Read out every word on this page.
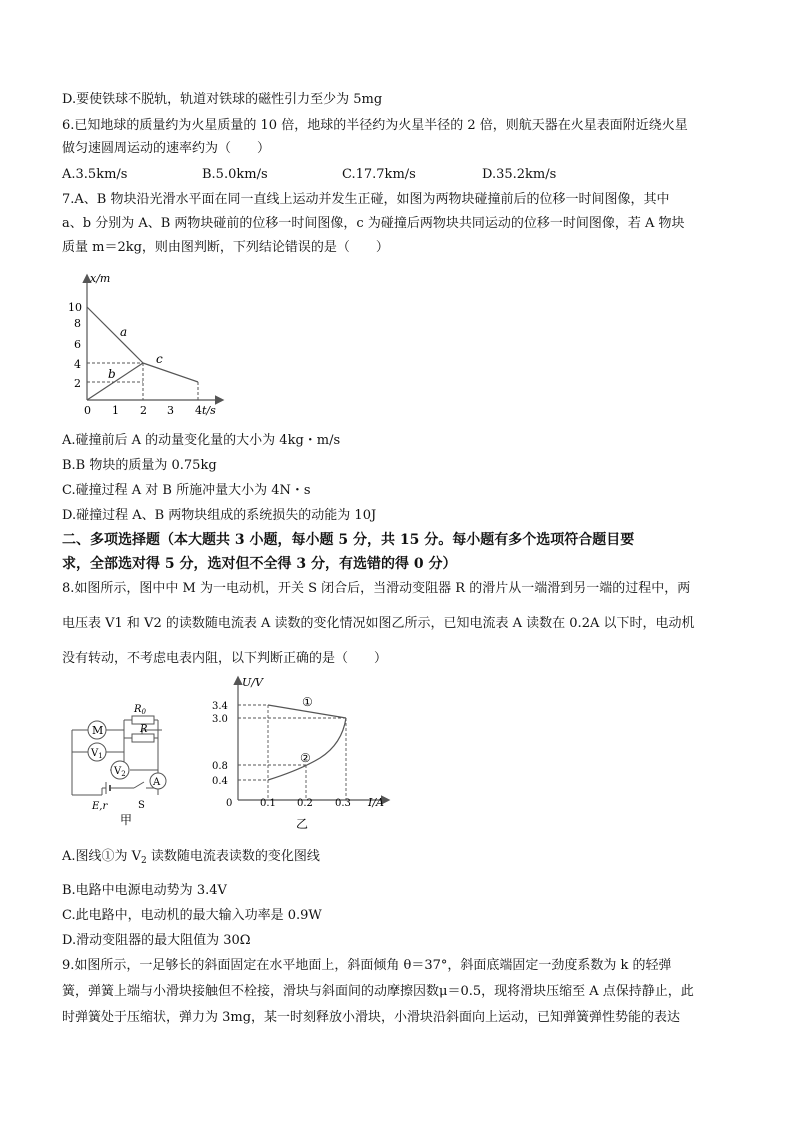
D.要使铁球不脱轨，轨道对铁球的磁性引力至少为 5mg
6.已知地球的质量约为火星质量的 10 倍，地球的半径约为火星半径的 2 倍，则航天器在火星表面附近绕火星
做匀速圆周运动的速率约为（　　）
A.3.5km/s	B.5.0km/s	C.17.7km/s	D.35.2km/s
7.A、B 物块沿光滑水平面在同一直线上运动并发生正碰，如图为两物块碰撞前后的位移一时间图像，其中
a、b 分别为 A、B 两物块碰前的位移一时间图像，c 为碰撞后两物块共同运动的位移一时间图像，若 A 物块
质量 m＝2kg，则由图判断，下列结论错误的是（　　）
x/m
t/s
10
8
6
4
2
0 1 2 3 4
a
b
c
A.碰撞前后 A 的动量变化量的大小为 4kg・m/s
B.B 物块的质量为 0.75kg
C.碰撞过程 A 对 B 所施冲量大小为 4N・s
D.碰撞过程 A、B 两物块组成的系统损失的动能为 10J
二、多项选择题（本大题共 3 小题，每小题 5 分，共 15 分。每小题有多个选项符合题目要
求，全部选对得 5 分，选对但不全得 3 分，有选错的得 0 分）
8.如图所示，图中中 M 为一电动机，开关 S 闭合后，当滑动变阻器 R 的滑片从一端滑到另一端的过程中，两
电压表 V1 和 V2 的读数随电流表 A 读数的变化情况如图乙所示，已知电流表 A 读数在 0.2A 以下时，电动机
没有转动，不考虑电表内阻，以下判断正确的是（　　）
M
$V_1$
$V_2$
A
$R_0$
R
E,r	S
甲
U/V
I/A
3.4
3.0
0.8
0.4
0	0.1 0.2 0.3
①
②
乙
A.图线①为 $V_2$ 读数随电流表读数的变化图线
B.电路中电源电动势为 3.4V
C.此电路中，电动机的最大输入功率是 0.9W
D.滑动变阻器的最大阻值为 30Ω
9.如图所示，一足够长的斜面固定在水平地面上，斜面倾角 θ＝37°，斜面底端固定一劲度系数为 k 的轻弹
簧，弹簧上端与小滑块接触但不栓接，滑块与斜面间的动摩擦因数μ＝0.5，现将滑块压缩至 A 点保持静止，此
时弹簧处于压缩状，弹力为 3mg，某一时刻释放小滑块，小滑块沿斜面向上运动，已知弹簧弹性势能的表达
